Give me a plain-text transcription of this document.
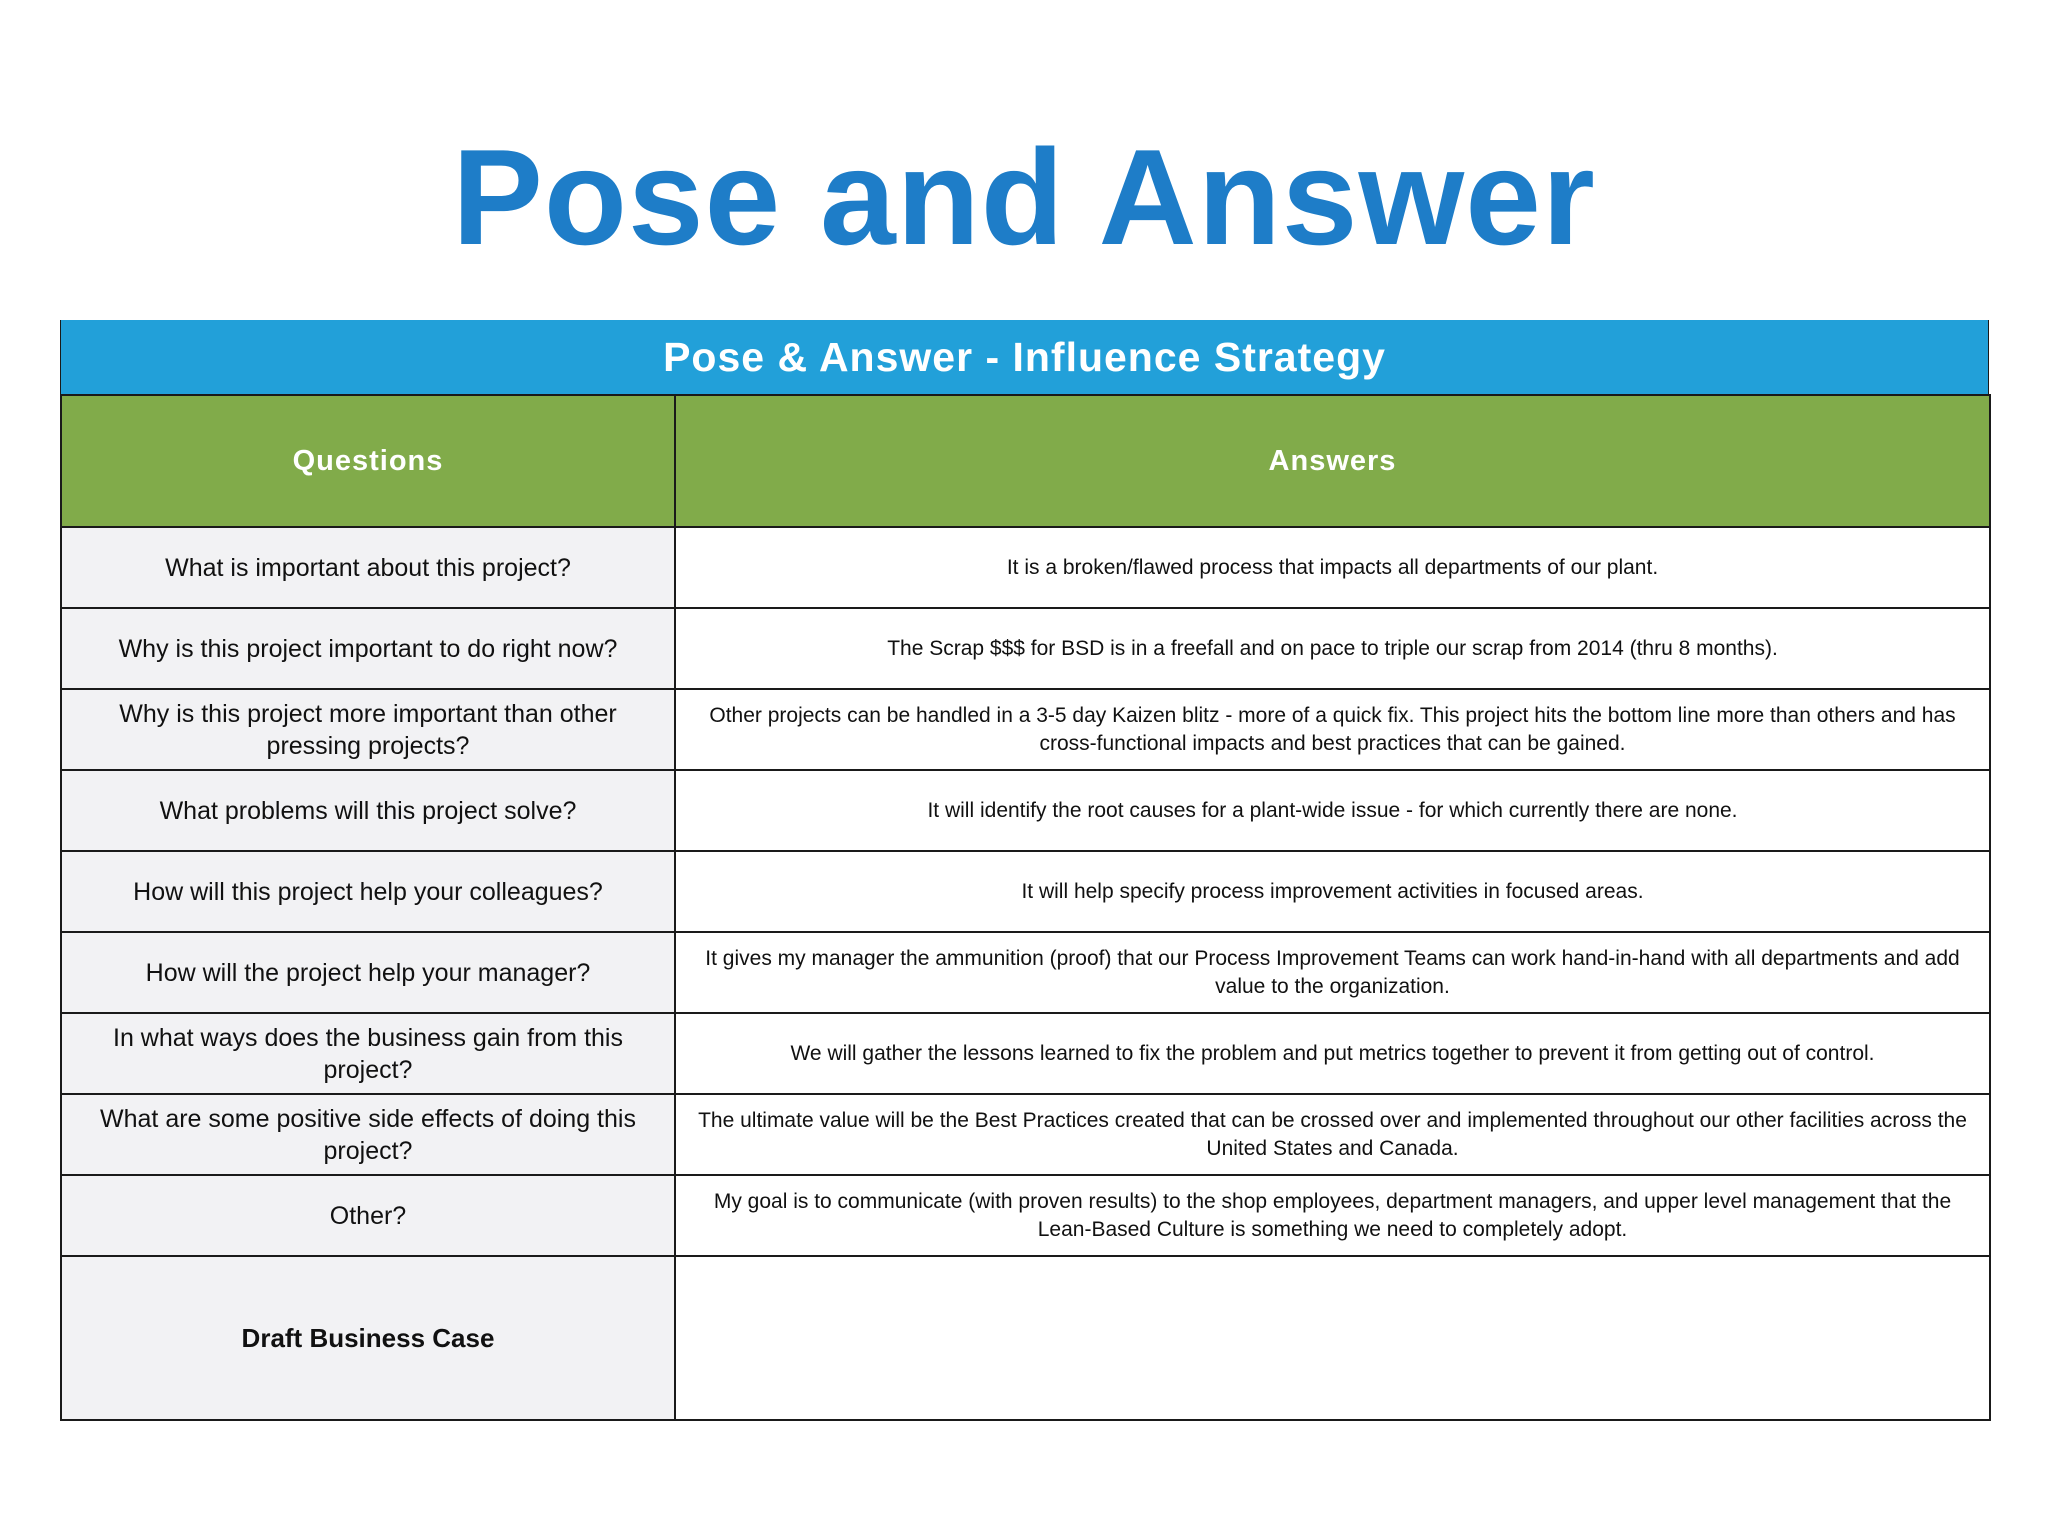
Pose and Answer
Pose & Answer - Influence Strategy
Questions	Answers
What is important about this project?	It is a broken/flawed process that impacts all departments of our plant.
Why is this project important to do right now?	The Scrap $$$ for BSD is in a freefall and on pace to triple our scrap from 2014 (thru 8 months).
Why is this project more important than other pressing projects?	Other projects can be handled in a 3-5 day Kaizen blitz - more of a quick fix. This project hits the bottom line more than others and has cross-functional impacts and best practices that can be gained.
What problems will this project solve?	It will identify the root causes for a plant-wide issue - for which currently there are none.
How will this project help your colleagues?	It will help specify process improvement activities in focused areas.
How will the project help your manager?	It gives my manager the ammunition (proof) that our Process Improvement Teams can work hand-in-hand with all departments and add value to the organization.
In what ways does the business gain from this project?	We will gather the lessons learned to fix the problem and put metrics together to prevent it from getting out of control.
What are some positive side effects of doing this project?	The ultimate value will be the Best Practices created that can be crossed over and implemented throughout our other facilities across the United States and Canada.
Other?	My goal is to communicate (with proven results) to the shop employees, department managers, and upper level management that the Lean-Based Culture is something we need to completely adopt.
Draft Business Case	
